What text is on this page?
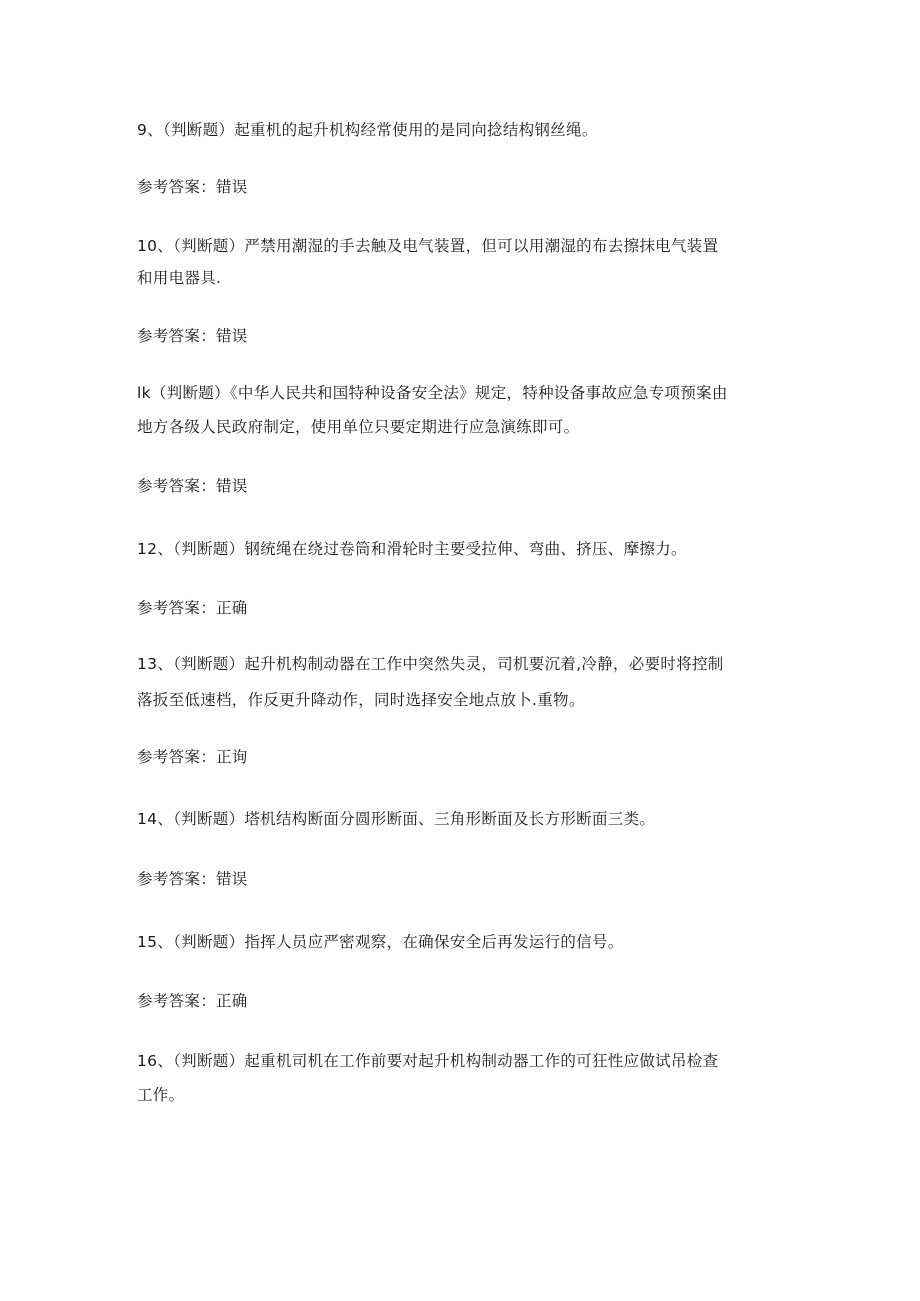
9、（判断题）起重机的起升机构经常使用的是同向捻结构钢丝绳。
参考答案：错误
10、（判断题）严禁用潮湿的手去触及电气装置，但可以用潮湿的布去擦抹电气装置
和用电器具.
参考答案：错误
lk（判断题）《中华人民共和国特种设备安全法》规定，特种设备事故应急专项预案由
地方各级人民政府制定，使用单位只要定期进行应急演练即可。
参考答案：错误
12、（判断题）钢统绳在绕过卷筒和滑轮时主要受拉伸、弯曲、挤压、摩擦力。
参考答案：正确
13、（判断题）起升机构制动器在工作中突然失灵，司机要沉着,冷静，必要时将控制
落扳至低速档，作反更升降动作，同时选择安全地点放卜.重物。
参考答案：正询
14、（判断题）塔机结构断面分圆形断面、三角形断面及长方形断面三类。
参考答案：错误
15、（判断题）指挥人员应严密观察，在确保安全后再发运行的信号。
参考答案：正确
16、（判断题）起重机司机在工作前要对起升机构制动器工作的可狂性应做试吊检查
工作。
